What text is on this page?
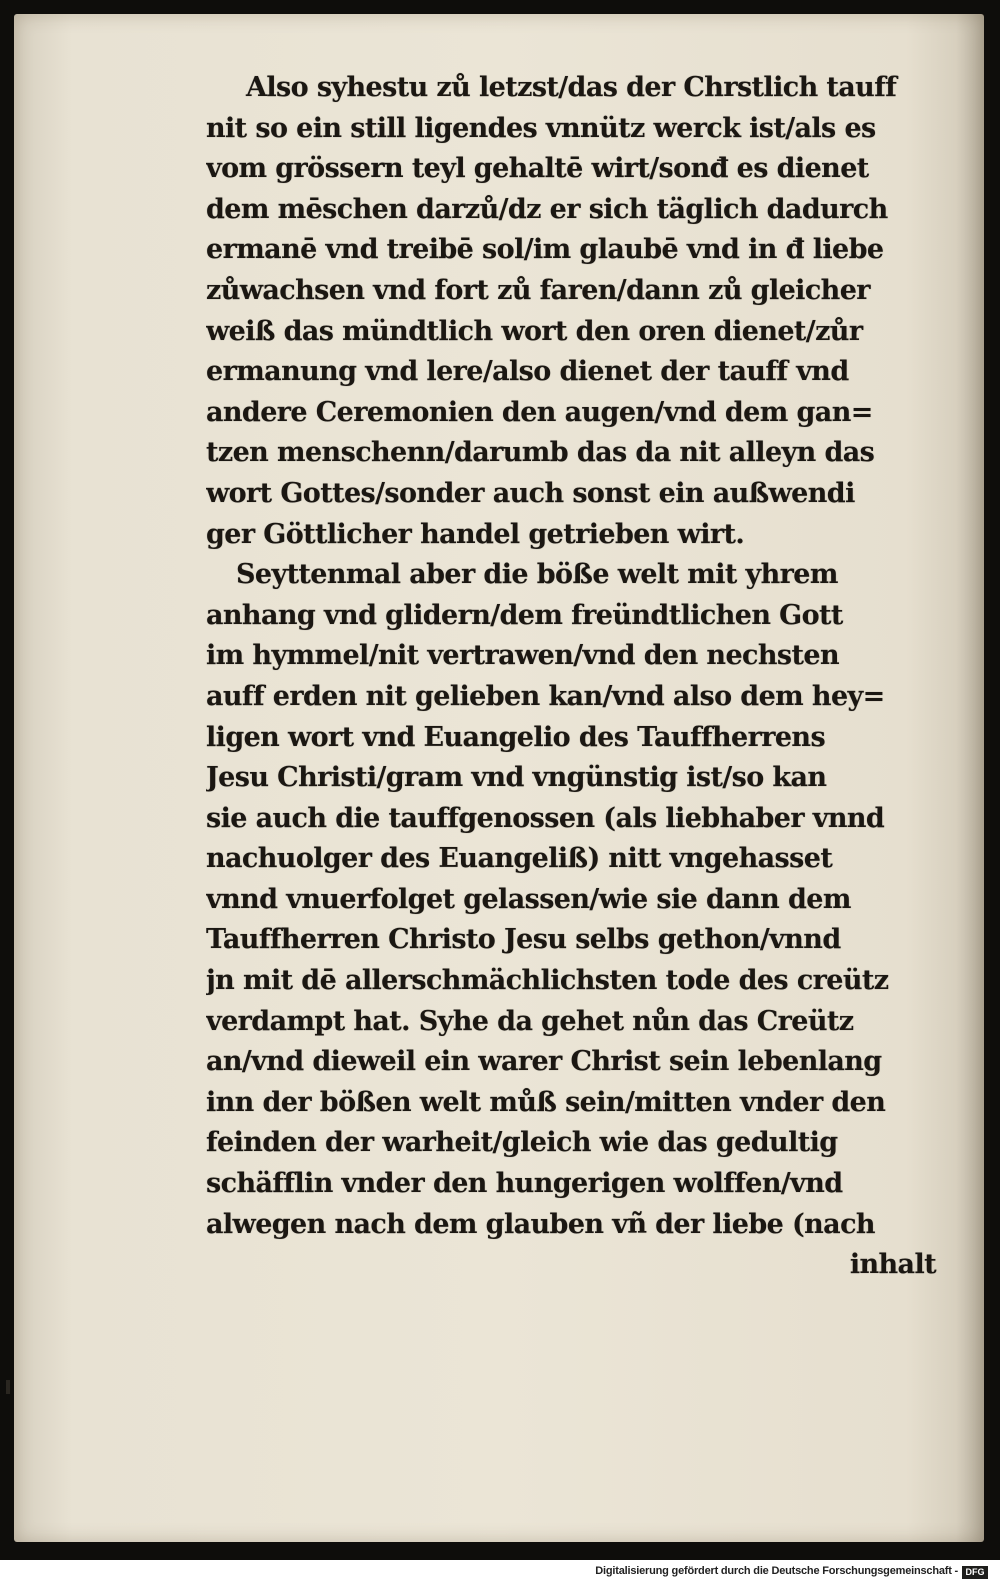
Also syhestu zů letzst/das der Chrstlich tauff
nit so ein still ligendes vnnütz werck ist/als es
vom grössern teyl gehaltē wirt/sonđ es dienet
dem mēschen darzů/dz er sich täglich dadurch
ermanē vnd treibē sol/im glaubē vnd in đ liebe
zůwachsen vnd fort zů faren/dann zů gleicher
weiß das mündtlich wort den oren dienet/zůr
ermanung vnd lere/also dienet der tauff vnd
andere Ceremonien den augen/vnd dem gan=
tzen menschenn/darumb das da nit alleyn das
wort Gottes/sonder auch sonst ein außwendi
ger Göttlicher handel getrieben wirt.
Seyttenmal aber die böße welt mit yhrem
anhang vnd glidern/dem freündtlichen Gott
im hymmel/nit vertrawen/vnd den nechsten
auff erden nit gelieben kan/vnd also dem hey=
ligen wort vnd Euangelio des Tauffherrens
Jesu Christi/gram vnd vngünstig ist/so kan
sie auch die tauffgenossen (als liebhaber vnnd
nachuolger des Euangeliß) nitt vngehasset
vnnd vnuerfolget gelassen/wie sie dann dem
Tauffherren Christo Jesu selbs gethon/vnnd
jn mit dē allerschmächlichsten tode des creütz
verdampt hat. Syhe da gehet nůn das Creütz
an/vnd dieweil ein warer Christ sein lebenlang
inn der bößen welt můß sein/mitten vnder den
feinden der warheit/gleich wie das gedultig
schäfflin vnder den hungerigen wolffen/vnd
alwegen nach dem glauben vñ der liebe (nach
inhalt
Digitalisierung gefördert durch die Deutsche Forschungsgemeinschaft - DFG
